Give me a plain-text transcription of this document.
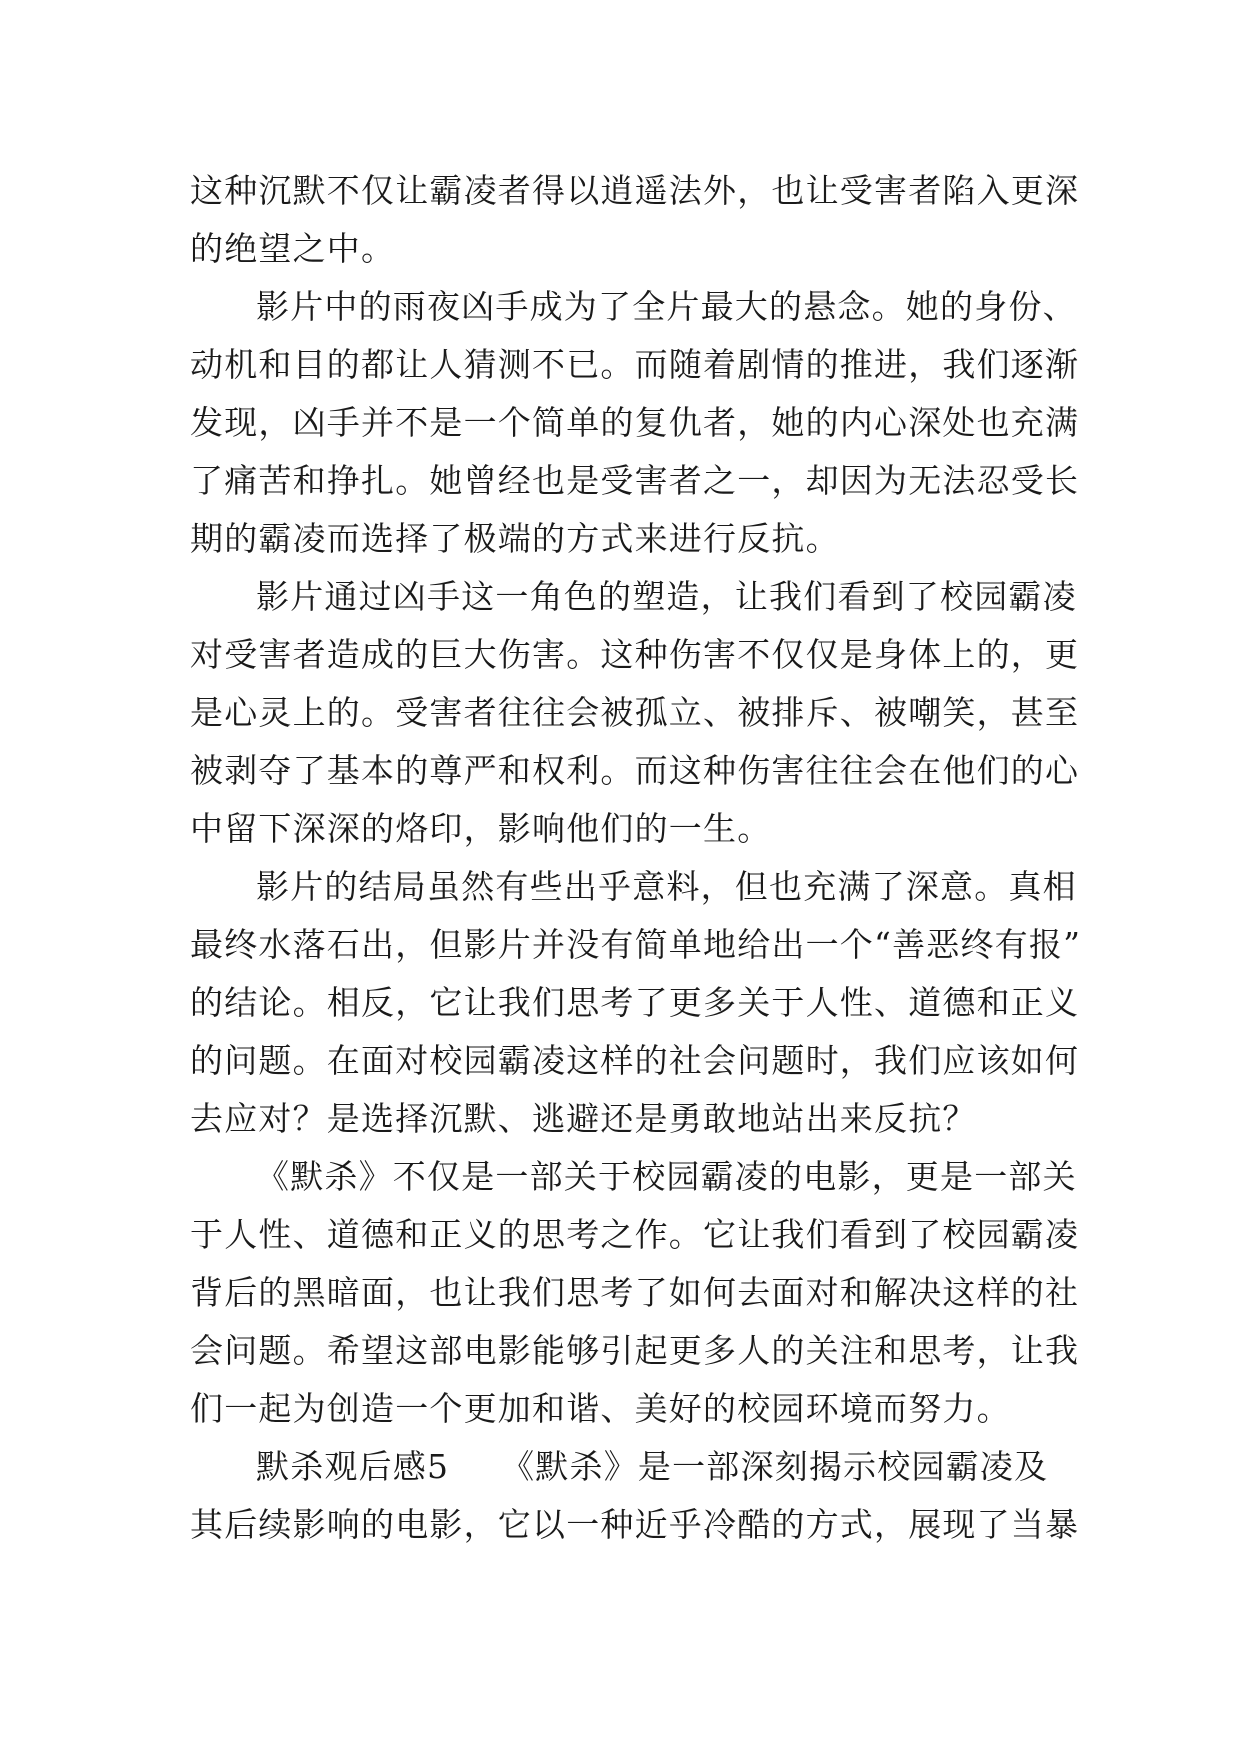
这种沉默不仅让霸凌者得以逍遥法外，也让受害者陷入更深
的绝望之中。
影片中的雨夜凶手成为了全片最大的悬念。她的身份、
动机和目的都让人猜测不已。而随着剧情的推进，我们逐渐
发现，凶手并不是一个简单的复仇者，她的内心深处也充满
了痛苦和挣扎。她曾经也是受害者之一，却因为无法忍受长
期的霸凌而选择了极端的方式来进行反抗。
影片通过凶手这一角色的塑造，让我们看到了校园霸凌
对受害者造成的巨大伤害。这种伤害不仅仅是身体上的，更
是心灵上的。受害者往往会被孤立、被排斥、被嘲笑，甚至
被剥夺了基本的尊严和权利。而这种伤害往往会在他们的心
中留下深深的烙印，影响他们的一生。
影片的结局虽然有些出乎意料，但也充满了深意。真相
最终水落石出，但影片并没有简单地给出一个“善恶终有报”
的结论。相反，它让我们思考了更多关于人性、道德和正义
的问题。在面对校园霸凌这样的社会问题时，我们应该如何
去应对？是选择沉默、逃避还是勇敢地站出来反抗？
《默杀》不仅是一部关于校园霸凌的电影，更是一部关
于人性、道德和正义的思考之作。它让我们看到了校园霸凌
背后的黑暗面，也让我们思考了如何去面对和解决这样的社
会问题。希望这部电影能够引起更多人的关注和思考，让我
们一起为创造一个更加和谐、美好的校园环境而努力。
默杀观后感5　　《默杀》是一部深刻揭示校园霸凌及
其后续影响的电影，它以一种近乎冷酷的方式，展现了当暴
